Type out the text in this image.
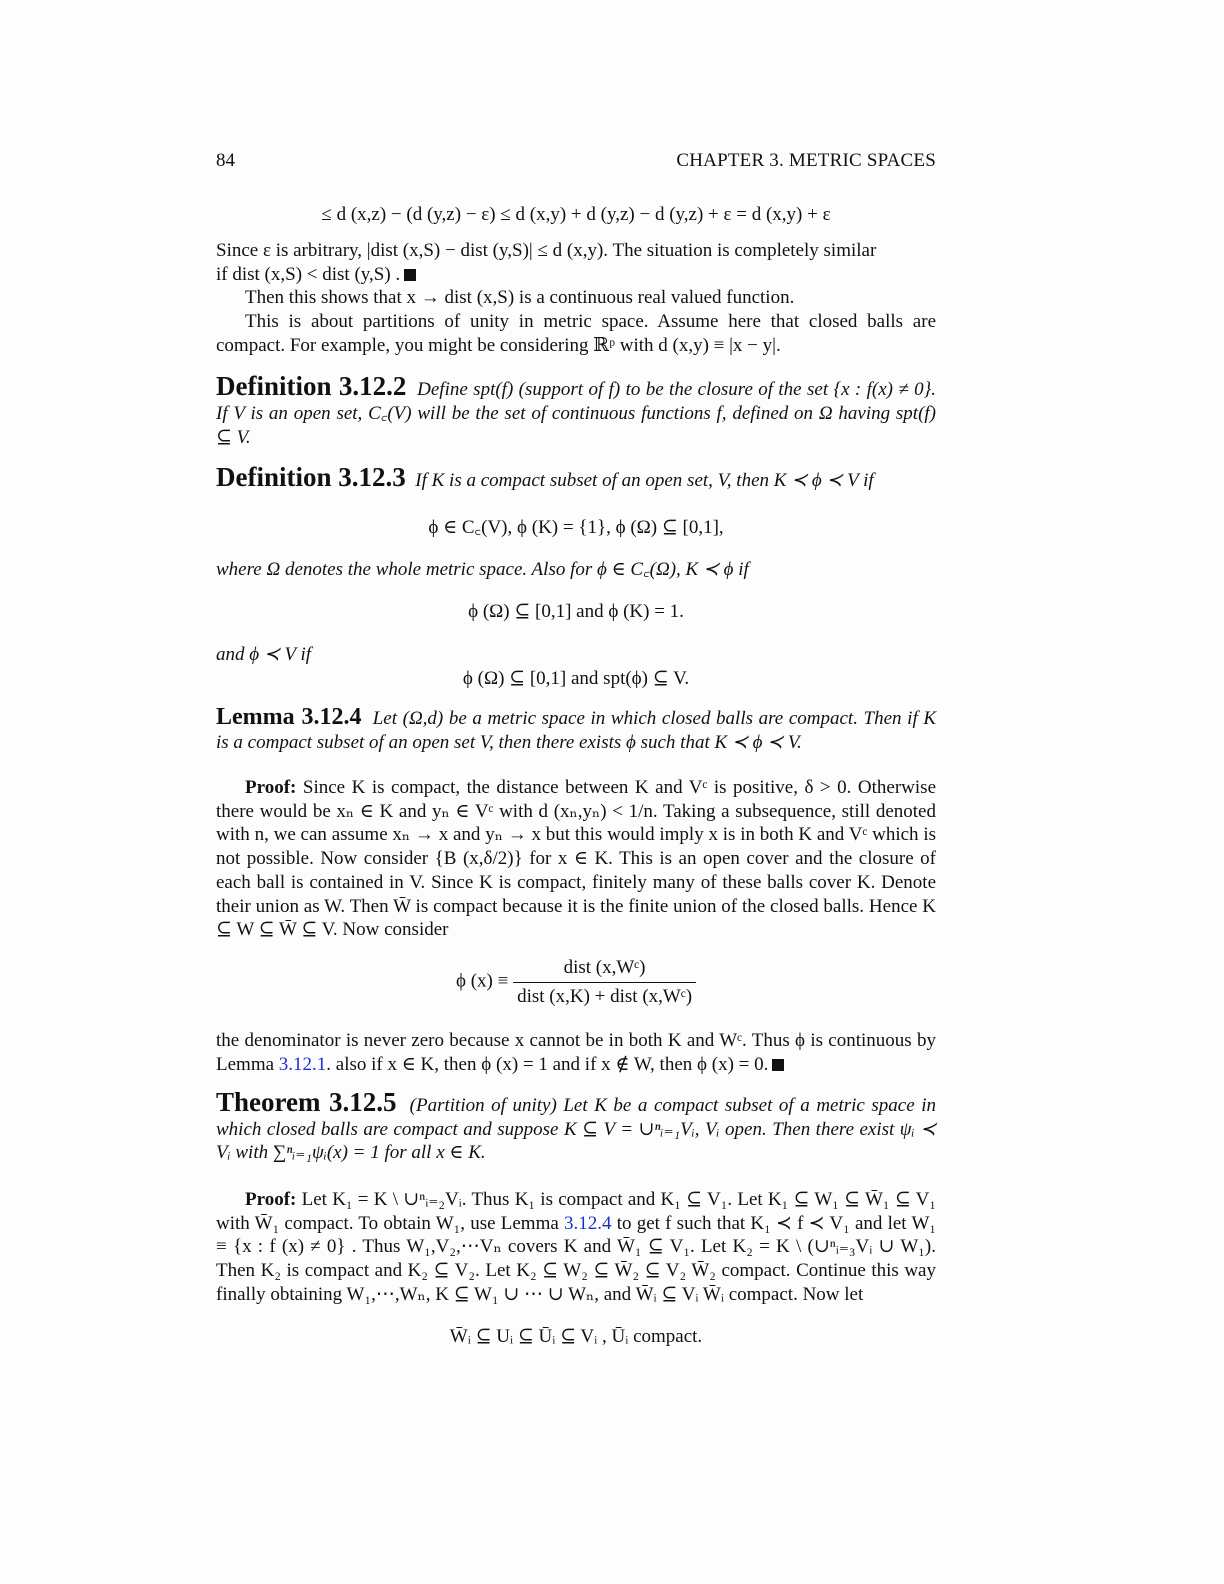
84	CHAPTER 3. METRIC SPACES
≤ d (x,z) − (d (y,z) − ε) ≤ d (x,y) + d (y,z) − d (y,z) + ε = d (x,y) + ε
Since ε is arbitrary, |dist (x,S) − dist (y,S)| ≤ d (x,y). The situation is completely similar
if dist (x,S) < dist (y,S) .
Then this shows that x → dist (x,S) is a continuous real valued function.
This is about partitions of unity in metric space. Assume here that closed balls are compact. For example, you might be considering ℝᵖ with d (x,y) ≡ |x − y|.
Definition 3.12.2 Define spt(f) (support of f) to be the closure of the set {x : f(x) ≠ 0}. If V is an open set, C꜀(V) will be the set of continuous functions f, defined on Ω having spt(f) ⊆ V.
Definition 3.12.3 If K is a compact subset of an open set, V, then K ≺ ϕ ≺ V if
ϕ ∈ C꜀(V), ϕ (K) = {1}, ϕ (Ω) ⊆ [0,1],
where Ω denotes the whole metric space. Also for ϕ ∈ C꜀(Ω), K ≺ ϕ if
ϕ (Ω) ⊆ [0,1] and ϕ (K) = 1.
and ϕ ≺ V if
ϕ (Ω) ⊆ [0,1] and spt(ϕ) ⊆ V.
Lemma 3.12.4 Let (Ω,d) be a metric space in which closed balls are compact. Then if K is a compact subset of an open set V, then there exists ϕ such that K ≺ ϕ ≺ V.
Proof: Since K is compact, the distance between K and Vᶜ is positive, δ > 0. Otherwise there would be xₙ ∈ K and yₙ ∈ Vᶜ with d (xₙ,yₙ) < 1/n. Taking a subsequence, still denoted with n, we can assume xₙ → x and yₙ → x but this would imply x is in both K and Vᶜ which is not possible. Now consider {B (x,δ/2)} for x ∈ K. This is an open cover and the closure of each ball is contained in V. Since K is compact, finitely many of these balls cover K. Denote their union as W. Then W̄ is compact because it is the finite union of the closed balls. Hence K ⊆ W ⊆ W̄ ⊆ V. Now consider
ϕ $(x) \equiv \frac{\text{dist (x,Wᶜ)}}{\text{dist (x,K) + dist (x,Wᶜ)}}$
the denominator is never zero because x cannot be in both K and Wᶜ. Thus ϕ is continuous by Lemma 3.12.1. also if x ∈ K, then ϕ (x) = 1 and if x ∉ W, then ϕ (x) = 0.
Theorem 3.12.5 (Partition of unity) Let K be a compact subset of a metric space in which closed balls are compact and suppose K ⊆ V = ∪ⁿᵢ₌₁Vᵢ, Vᵢ open. Then there exist ψᵢ ≺ Vᵢ with ∑ⁿᵢ₌₁ψᵢ(x) = 1 for all x ∈ K.
Proof: Let K₁ = K \ ∪ⁿᵢ₌₂Vᵢ. Thus K₁ is compact and K₁ ⊆ V₁. Let K₁ ⊆ W₁ ⊆ W̄₁ ⊆ V₁ with W̄₁ compact. To obtain W₁, use Lemma 3.12.4 to get f such that K₁ ≺ f ≺ V₁ and let W₁ ≡ {x : f (x) ≠ 0} . Thus W₁,V₂,⋯Vₙ covers K and W̄₁ ⊆ V₁. Let K₂ = K \ (∪ⁿᵢ₌₃Vᵢ ∪ W₁). Then K₂ is compact and K₂ ⊆ V₂. Let K₂ ⊆ W₂ ⊆ W̄₂ ⊆ V₂ W̄₂ compact. Continue this way finally obtaining W₁,⋯,Wₙ, K ⊆ W₁ ∪ ⋯ ∪ Wₙ, and W̄ᵢ ⊆ Vᵢ W̄ᵢ compact. Now let
W̄ᵢ ⊆ Uᵢ ⊆ Ūᵢ ⊆ Vᵢ , Ūᵢ compact.
